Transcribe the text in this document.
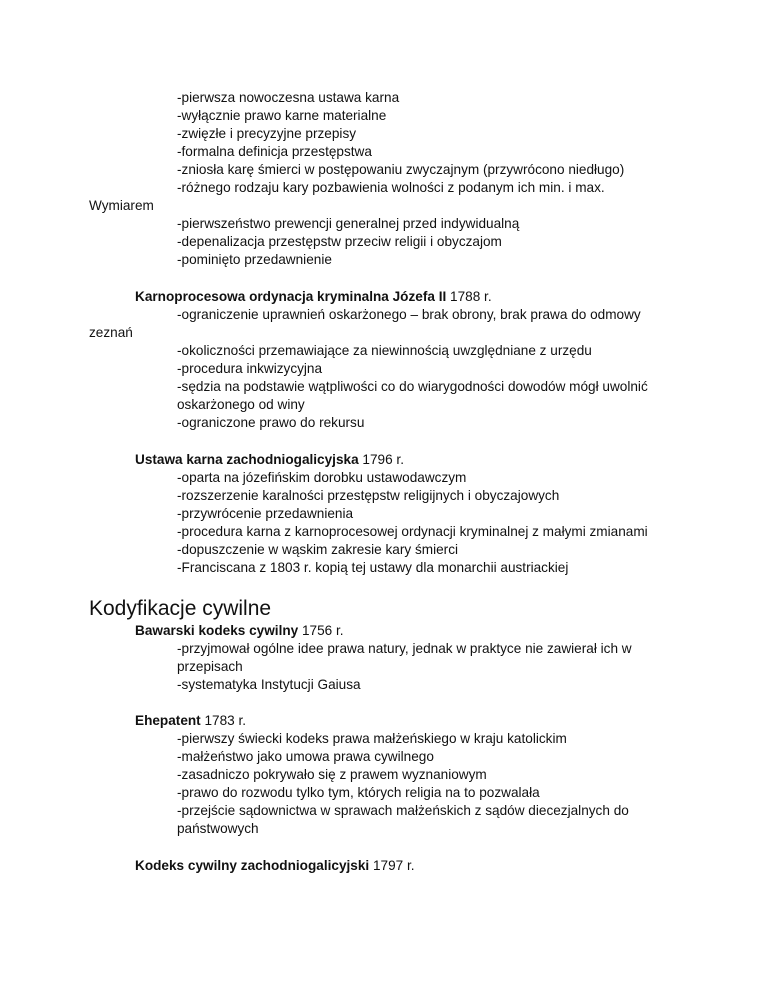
-pierwsza nowoczesna ustawa karna
-wyłącznie prawo karne materialne
-zwięzłe i precyzyjne przepisy
-formalna definicja przestępstwa
-zniosła karę śmierci w postępowaniu zwyczajnym (przywrócono niedługo)
-różnego rodzaju kary pozbawienia wolności z podanym ich min. i max.
Wymiarem
-pierwszeństwo prewencji generalnej przed indywidualną
-depenalizacja przestępstw przeciw religii i obyczajom
-pominięto przedawnienie
Karnoprocesowa ordynacja kryminalna Józefa II 1788 r.
-ograniczenie uprawnień oskarżonego – brak obrony, brak prawa do odmowy
zeznań
-okoliczności przemawiające za niewinnością uwzględniane z urzędu
-procedura inkwizycyjna
-sędzia na podstawie wątpliwości co do wiarygodności dowodów mógł uwolnić
oskarżonego od winy
-ograniczone prawo do rekursu
Ustawa karna zachodniogalicyjska 1796 r.
-oparta na józefińskim dorobku ustawodawczym
-rozszerzenie karalności przestępstw religijnych i obyczajowych
-przywrócenie przedawnienia
-procedura karna z karnoprocesowej ordynacji kryminalnej z małymi zmianami
-dopuszczenie w wąskim zakresie kary śmierci
-Franciscana z 1803 r. kopią tej ustawy dla monarchii austriackiej
Kodyfikacje cywilne
Bawarski kodeks cywilny 1756 r.
-przyjmował ogólne idee prawa natury, jednak w praktyce nie zawierał ich w
przepisach
-systematyka Instytucji Gaiusa
Ehepatent 1783 r.
-pierwszy świecki kodeks prawa małżeńskiego w kraju katolickim
-małżeństwo jako umowa prawa cywilnego
-zasadniczo pokrywało się z prawem wyznaniowym
-prawo do rozwodu tylko tym, których religia na to pozwalała
-przejście sądownictwa w sprawach małżeńskich z sądów diecezjalnych do
państwowych
Kodeks cywilny zachodniogalicyjski 1797 r.
